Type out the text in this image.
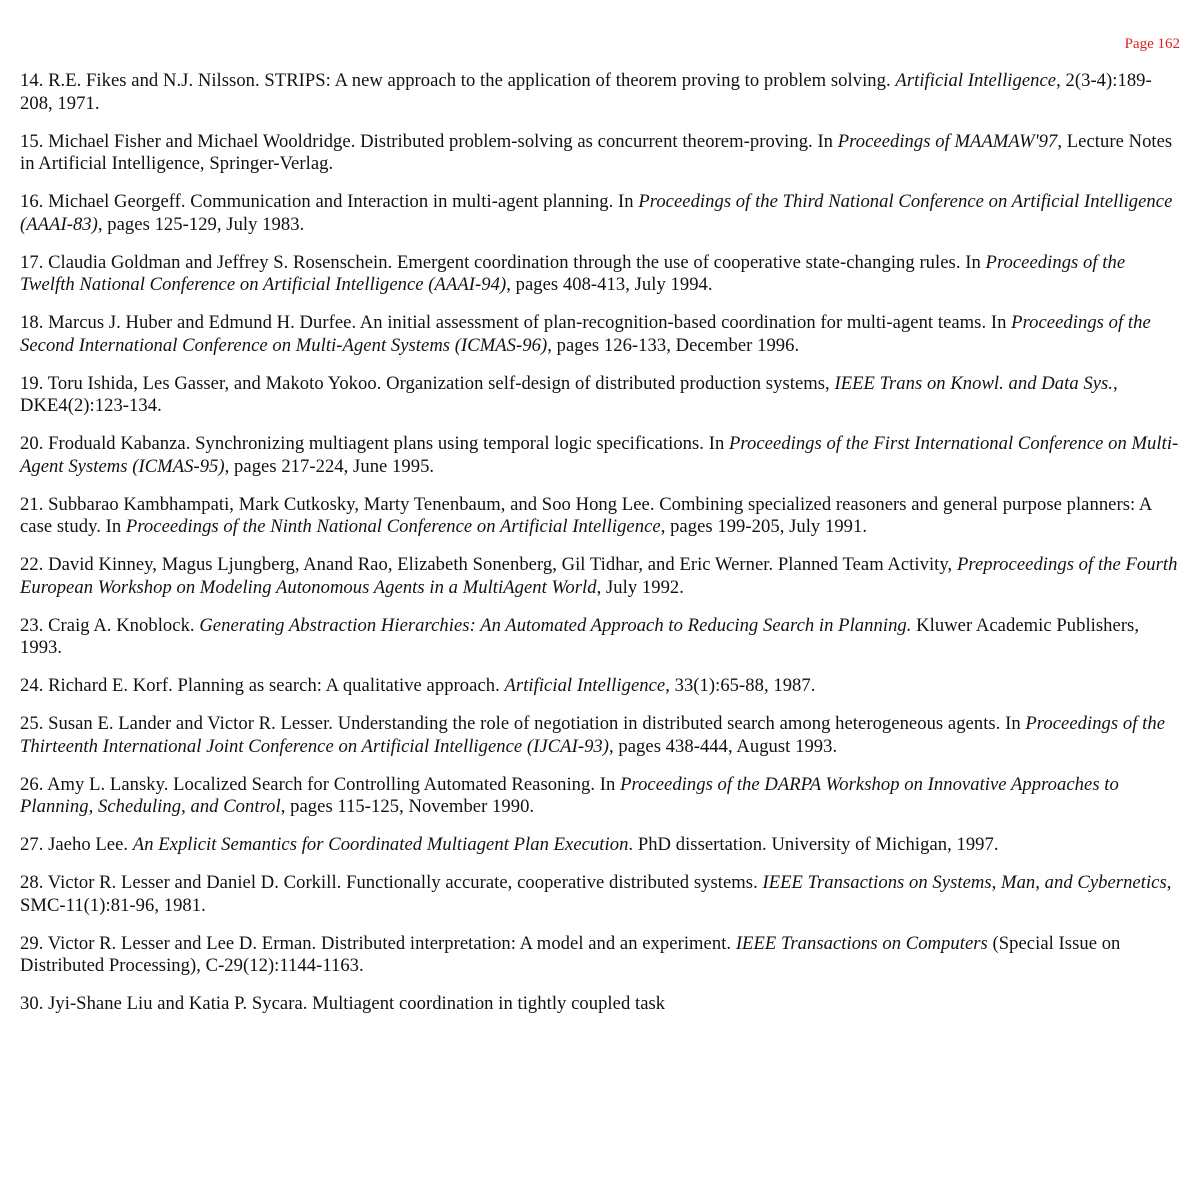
Page 162

14. R.E. Fikes and N.J. Nilsson. STRIPS: A new approach to the application of theorem proving to problem solving. Artificial Intelligence, 2(3-4):189-208, 1971.

15. Michael Fisher and Michael Wooldridge. Distributed problem-solving as concurrent theorem-proving. In Proceedings of MAAMAW'97, Lecture Notes in Artificial Intelligence, Springer-Verlag.

16. Michael Georgeff. Communication and Interaction in multi-agent planning. In Proceedings of the Third National Conference on Artificial Intelligence (AAAI-83), pages 125-129, July 1983.

17. Claudia Goldman and Jeffrey S. Rosenschein. Emergent coordination through the use of cooperative state-changing rules. In Proceedings of the Twelfth National Conference on Artificial Intelligence (AAAI-94), pages 408-413, July 1994.

18. Marcus J. Huber and Edmund H. Durfee. An initial assessment of plan-recognition-based coordination for multi-agent teams. In Proceedings of the Second International Conference on Multi-Agent Systems (ICMAS-96), pages 126-133, December 1996.

19. Toru Ishida, Les Gasser, and Makoto Yokoo. Organization self-design of distributed production systems, IEEE Trans on Knowl. and Data Sys., DKE4(2):123-134.

20. Froduald Kabanza. Synchronizing multiagent plans using temporal logic specifications. In Proceedings of the First International Conference on Multi-Agent Systems (ICMAS-95), pages 217-224, June 1995.

21. Subbarao Kambhampati, Mark Cutkosky, Marty Tenenbaum, and Soo Hong Lee. Combining specialized reasoners and general purpose planners: A case study. In Proceedings of the Ninth National Conference on Artificial Intelligence, pages 199-205, July 1991.

22. David Kinney, Magus Ljungberg, Anand Rao, Elizabeth Sonenberg, Gil Tidhar, and Eric Werner. Planned Team Activity, Preproceedings of the Fourth European Workshop on Modeling Autonomous Agents in a MultiAgent World, July 1992.

23. Craig A. Knoblock. Generating Abstraction Hierarchies: An Automated Approach to Reducing Search in Planning. Kluwer Academic Publishers, 1993.

24. Richard E. Korf. Planning as search: A qualitative approach. Artificial Intelligence, 33(1):65-88, 1987.

25. Susan E. Lander and Victor R. Lesser. Understanding the role of negotiation in distributed search among heterogeneous agents. In Proceedings of the Thirteenth International Joint Conference on Artificial Intelligence (IJCAI-93), pages 438-444, August 1993.

26. Amy L. Lansky. Localized Search for Controlling Automated Reasoning. In Proceedings of the DARPA Workshop on Innovative Approaches to Planning, Scheduling, and Control, pages 115-125, November 1990.

27. Jaeho Lee. An Explicit Semantics for Coordinated Multiagent Plan Execution. PhD dissertation. University of Michigan, 1997.

28. Victor R. Lesser and Daniel D. Corkill. Functionally accurate, cooperative distributed systems. IEEE Transactions on Systems, Man, and Cybernetics, SMC-11(1):81-96, 1981.

29. Victor R. Lesser and Lee D. Erman. Distributed interpretation: A model and an experiment. IEEE Transactions on Computers (Special Issue on Distributed Processing), C-29(12):1144-1163.

30. Jyi-Shane Liu and Katia P. Sycara. Multiagent coordination in tightly coupled task
